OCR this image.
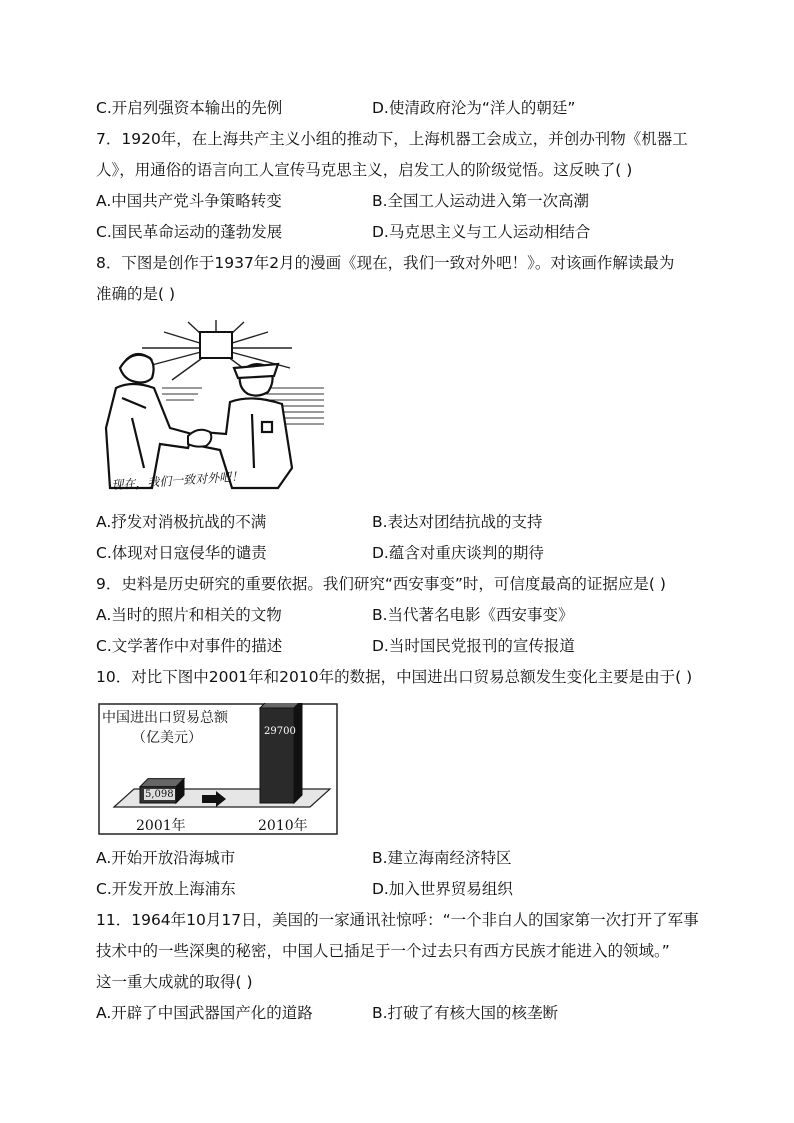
C.开启列强资本输出的先例	D.使清政府沦为“洋人的朝廷”
7．1920年，在上海共产主义小组的推动下，上海机器工会成立，并创办刊物《机器工
人》，用通俗的语言向工人宣传马克思主义，启发工人的阶级觉悟。这反映了( )
A.中国共产党斗争策略转变	B.全国工人运动进入第一次高潮
C.国民革命运动的蓬勃发展	D.马克思主义与工人运动相结合
8．下图是创作于1937年2月的漫画《现在，我们一致对外吧！》。对该画作解读最为
准确的是( )
现在，我们一致对外吧！
A.抒发对消极抗战的不满	B.表达对团结抗战的支持
C.体现对日寇侵华的谴责	D.蕴含对重庆谈判的期待
9．史料是历史研究的重要依据。我们研究“西安事变”时，可信度最高的证据应是( )
A.当时的照片和相关的文物	B.当代著名电影《西安事变》
C.文学著作中对事件的描述	D.当时国民党报刊的宣传报道
10．对比下图中2001年和2010年的数据，中国进出口贸易总额发生变化主要是由于( )
中国进出口贸易总额
（亿美元）
5,098
29700
2001年	2010年
A.开始开放沿海城市	B.建立海南经济特区
C.开发开放上海浦东	D.加入世界贸易组织
11．1964年10月17日，美国的一家通讯社惊呼：“一个非白人的国家第一次打开了军事
技术中的一些深奥的秘密，中国人已插足于一个过去只有西方民族才能进入的领域。”
这一重大成就的取得( )
A.开辟了中国武器国产化的道路	B.打破了有核大国的核垄断
